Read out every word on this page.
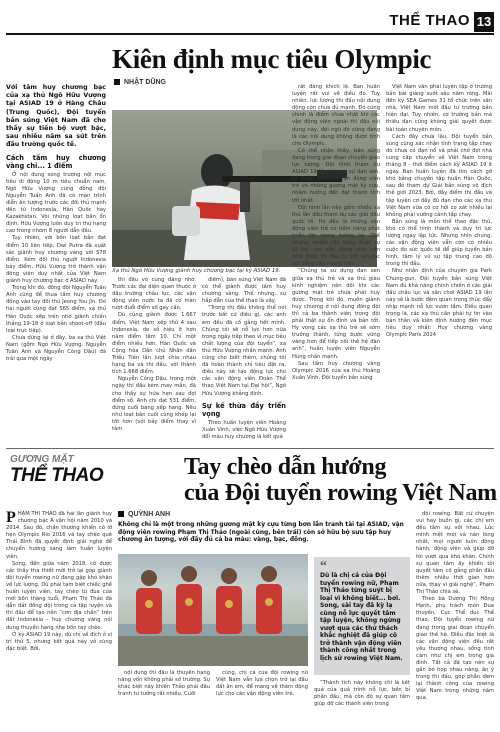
THỂ THAO 13
Kiên định mục tiêu Olympic
NHẬT DŨNG
Với tấm huy chương bạc của xạ thủ Ngô Hữu Vượng tại ASIAD 19 ở Hàng Châu (Trung Quốc), Đội tuyển bắn súng Việt Nam đã cho thấy sự tiến bộ vượt bậc, sau nhiều năm sa sút trên đấu trường quốc tế.
Cách tấm huy chương vàng chỉ... 1 điểm

Ở nội dung song trượng nội mục tiêu di động 10 m tiêu chuẩn nam, Ngô Hữu Vượng cùng đồng đội Nguyễn Tuấn Anh đã có màn trình diễn ấn tượng trước các đối thủ mạnh đến từ Indonesia, Hàn Quốc hay Kazakhstan. Vòi những loạt bắn ổn định, Hữu Vượng luôn duy trì thứ hạng cao trong nhóm 8 người dẫn đầu.

Tuy nhiên, với bốn loạt bắn đạt điểm 10 liên tiếp, Dwi Putra đã xuất sắc giành huy chương vàng với 578 điểm. Kém đối thủ người Indonesia bảy điểm, Hữu Vượng trở thành vận động viên duy nhất của Việt Nam giành huy chương bạc ở ASIAD này.

Trong khi đó, đồng đội Nguyễn Tuấn Anh cũng để thua tấm huy chương đồng vào tay đối thủ Jeong You Jin. Đó hai người cùng đạt 565 điểm, xạ thủ Hàn Quốc xếp trên nhờ giành chiến thắng 19-18 ở loạt bắn shoot-off (đấu loại trực tiếp).

Chưa dừng lại ở đây, ba xạ thủ Việt Nam (gồm Ngô Hữu Vượng, Nguyễn Tuấn Anh và Nguyễn Công Dậu) đã trải qua một ngày

Xạ thủ Ngô Hữu Vượng giành huy chương bạc tại kỳ ASIAD 19.

thi đấu vô cùng đáng nhớ. Trước các đại diện quen thuộc ở đấu trường châu lục, các vận động viên nước ta đã có màn rượt đuổi điểm số gay cấn.

Dù cùng giành được 1.667 điểm, Việt Nam xếp thứ 4 sau Indonesia, do số hiệu ít hơn năm điểm tâm 10. Chỉ một điểm nhiều hơn, Hàn Quốc và Cộng hòa Dân chủ Nhân dân Triều Tiên lần lượt chia nhau hạng ba và thi đấu, với thành tích 1.668 điểm.

Nguyễn Công Dậu, trong một ngày thi đấu kém may mắn, đã cho thấy sự hứa hẹn sau đợi điểm số. Anh chỉ đạt 531 điểm, đứng cuối bảng xếp hạng. Nếu như loạt bắn cuối cùng khép lại tốt hơn (với bảy điểm thay vì tám

điểm), bắn súng Việt Nam đã có thể giành được tấm huy chương vàng. Thế nhưng, sự hấp dẫn của thể thao là vậy.

“Trong thi đấu không thể nói trước bất cứ điều gì, các anh em đều đã cố gắng hết mình. Chúng tôi sẽ nỗ lực hơn nữa trong ngày tiếp theo vì mục tiêu chất lượng của đội tuyển”, xạ thủ Hữu Vượng nhấn mạnh. Anh cũng cho biết thêm, chúng tôi đã hoàn thành chỉ tiêu đặt ra, điều này sẽ tạo động lực cho các vận động viên Đoàn Thể thao Việt Nam tại Đại hội”, Ngô Hữu Vượng khẳng định.

Sự kế thừa đầy triển vọng

Theo huấn luyện viên Hoàng Xuân Vinh, việc Ngô Hữu Vượng đổi màu huy chương là kết quả

rất đáng khích lệ. Ban huấn luyện rất vui về điều đó. Tuy nhiên, lực lượng thi đấu nội dung động còn chưa đủ mạnh. Đó cũng chính là điểm chưa nhất khi các vận động viên ngoài thi đấu nội dung này, đội ngũ đó cũng đang là các nội dung không được tính cho Olympic.

Có thể nhận thấy, bắn súng đang trong giai đoạn chuyển giao lực lượng. Đội hình tham dự ASIAD 19 lần này có sự đan xen, kế thừa, gồm cả vận động viên trẻ và những gương mặt kỳ cựu, nhằm hướng đến đạt thành tích tốt nhất.

Đội hình lần này gồm nhiều xạ thủ lần đầu tham dự các giải đấu quốc tế. Họ đều là những vận động viên trẻ có tiềm năng phát triển lớn trong tương lai. Thế nhưng, muốn xây dựng được sự tự tin, các vận động viên cần phải được thi đấu cọ xát liên tục với đẳng cấp mạnh hơn.

“Chúng ta sử dụng đan xen giữa xạ thủ trẻ và xạ thủ giàu kinh nghiệm nên dồi khi các gương mặt trẻ chưa phát huy được. Trong khi đó, muốn giành huy chương ở nội dung đồng đội thì cả ba thành viên trong đội phải thật sự ổn định và bắn tốt. Hy vọng các xạ thủ trẻ sẽ sớm trưởng thành, từng bước vững vàng hơn để tiếp nối thế hệ đàn anh”, huấn luyện viên Nguyễn Hùng nhấn mạnh.

Sau tấm huy chương vàng Olympic 2016 của xạ thủ Hoàng Xuân Vinh, Đội tuyển bắn súng

Việt Nam vẫn phải luyện tập ở trường bắn bài giảng suốt sáu năm ròng. Mãi đến kỳ SEA Games 31 tổ chức trên sân nhà, Việt Nam mới đầu tư trường bắn hiện đại. Tuy nhiên, cơ trường bắn mà thiếu đạn cũng không giải quyết được bài toán chuyên môn.

Cách đây chưa lâu, Đội tuyển bắn súng cũng xác nhận tình trạng tập chay do chưa có đạn nổ và phải chờ đợi nhà cung cấp chuyển về Việt Nam trong tháng 8 - thời điểm cách kỳ ASIAD 19 ít ngày. Ban huấn luyện đã tìm cách gỡ khó bằng chuyến tập huấn Hàn Quốc, sau đó tham dự Giải bắn súng vô địch thế giới 2023. Bởi, đây điểm thi đấu và tập luyện cơ đầy đủ đạn cho các xạ thủ Việt Nam vừa có cơ hội cọ xát nhiều lại không phải vướng cảnh tập chay.

Bắn súng là môn thể thao đặc thù, khó có thể hình thành và duy trì lực lượng ngay lập tức. Nhưng nhìn chung, các vận động viên vẫn còn có nhiều cuộc đo sức quốc tế để giúp tuyển bắn hình, tâm lý vũ sự tập trung cao độ trong thi đấu.

Như nhận định của chuyên gia Park Chung-gun, Đội tuyển bắn súng Việt Nam đủ khả năng chinh chiến ở các giải đấu châu lục và sân chơi ASIAD 19 lần này sẽ là bước đệm quan trọng thúc đẩy nhịp mạnh nỗ lực vươn tầm. Điều quan trọng là, các xạ thủ cần phải tự tin vào bản thân và kiên định hướng đến mục tiêu duy nhất: Huy chương vàng Olympic Paris 2024

GƯƠNG MẶT
THỂ THAO	Tay chèo dẫn hướng
của Đội tuyển rowing Việt Nam
QUỲNH ANH
Không chỉ là một trong những gương mặt kỳ cựu từng bơn lần tranh tài tại ASIAD, vận động viên rowing Phạm Thị Thảo (ngoài cùng, bên trái) còn sở hữu bộ sưu tập huy chương ấn tượng, với đầy đủ cả ba màu: vàng, bạc, đồng.

PHẠM THỊ THẢO đã hai lần giành huy chương bạc Á vận hội năm 2010 và 2014. Sau đó, chấn thương khiến cô lỡ hẹn Olympic Rio 2016 và tay chèo quê Thái Bình đã quyết định giải nghệ để chuyển hướng sang làm huấn luyện viên.

Song, đến giữa năm 2018, cô được các thầy tha thiết mời trở lại góp giành đội tuyển rowing nữ đang gặp khó khăn về lực lượng. Dù phải tạm biệt chiếc ghế huấn luyện viên, tay chèo từ đùa của mới bồn thăng tuổi, Phạm Thị Thảo đã dẫn dắt đồng đội trong cả tập luyện và thi đấu để tạo nên “cơn địa chấn” trên đất Indonesia - huy chương vàng nội dung thuyền hạng nhẹ bốn tay chèo.

Ở kỳ ASIAD 19 này, dù chỉ về đích ở vị trí thứ 5, nhưng kết quả này vô cùng đặc biệt. Bởi,

nội dung thi đấu là thuyền hạng năng vốn không phải sở trường. Sự khác biệt này khiến Thảo phải đấu tranh tư tưởng rất nhiều. Cuối

cùng, chị cả của đội rowing nữ Việt Nam vẫn lựa chọn trở lại đấu đất ân em, để mang về thêm động lực cho các vận động viên trẻ.

“
Dù là chị cả của Đội tuyển rowing nữ, Phạm Thị Thảo từng suýt bị loại vì không biết... bơi. Song, sài tay đã kỳ lạ cùng nỗ lực quyết tâm tập luyện, không ngừng vượt qua các thử thách khắc nghiệt đã giúp cô trở thành vận động viên thành công nhất trong lịch sử rowing Việt Nam.

“Thành tích này không chỉ là kết quả của quá trình nỗ lực, bền bỉ phấn đấu, mà còn đó sự quan tâm giúp đỡ các thành viên trong

đội rowing. Bất cứ chuyện vui hay buồn gì, các chị em đều tâm sự với nhau. Lúc mình mệt mỏi và nản lòng nhất, mọi người luôn động hành, động viên và giúp đỡ tôi vượt qua khó khăn. Chính sự quan tâm ấy khiến tôi quyết tâm cố gắng phấn đấu thêm nhiều thời gian hơn nữa, thay vì giải nghệ”, Phạm Thị Thảo chia sẻ.

Theo bà Dương Thị Hồng Hạnh, phụ trách môn Đua thuyền, Cục Thể dục Thể thao, Đội tuyển rowing nữ đang trong giai đoạn chuyển giao thế hệ. Điều đặc biệt là các vận động viên đều rất yêu thương nhau, sống tình cảm như chị em trong gia đình. Tất cả đã tạo nên sự gắn bó hợp nhau năng, ân ý trong thi đấu, góp phần đem lại thành công của rowing Việt Nam trong những năm qua.
